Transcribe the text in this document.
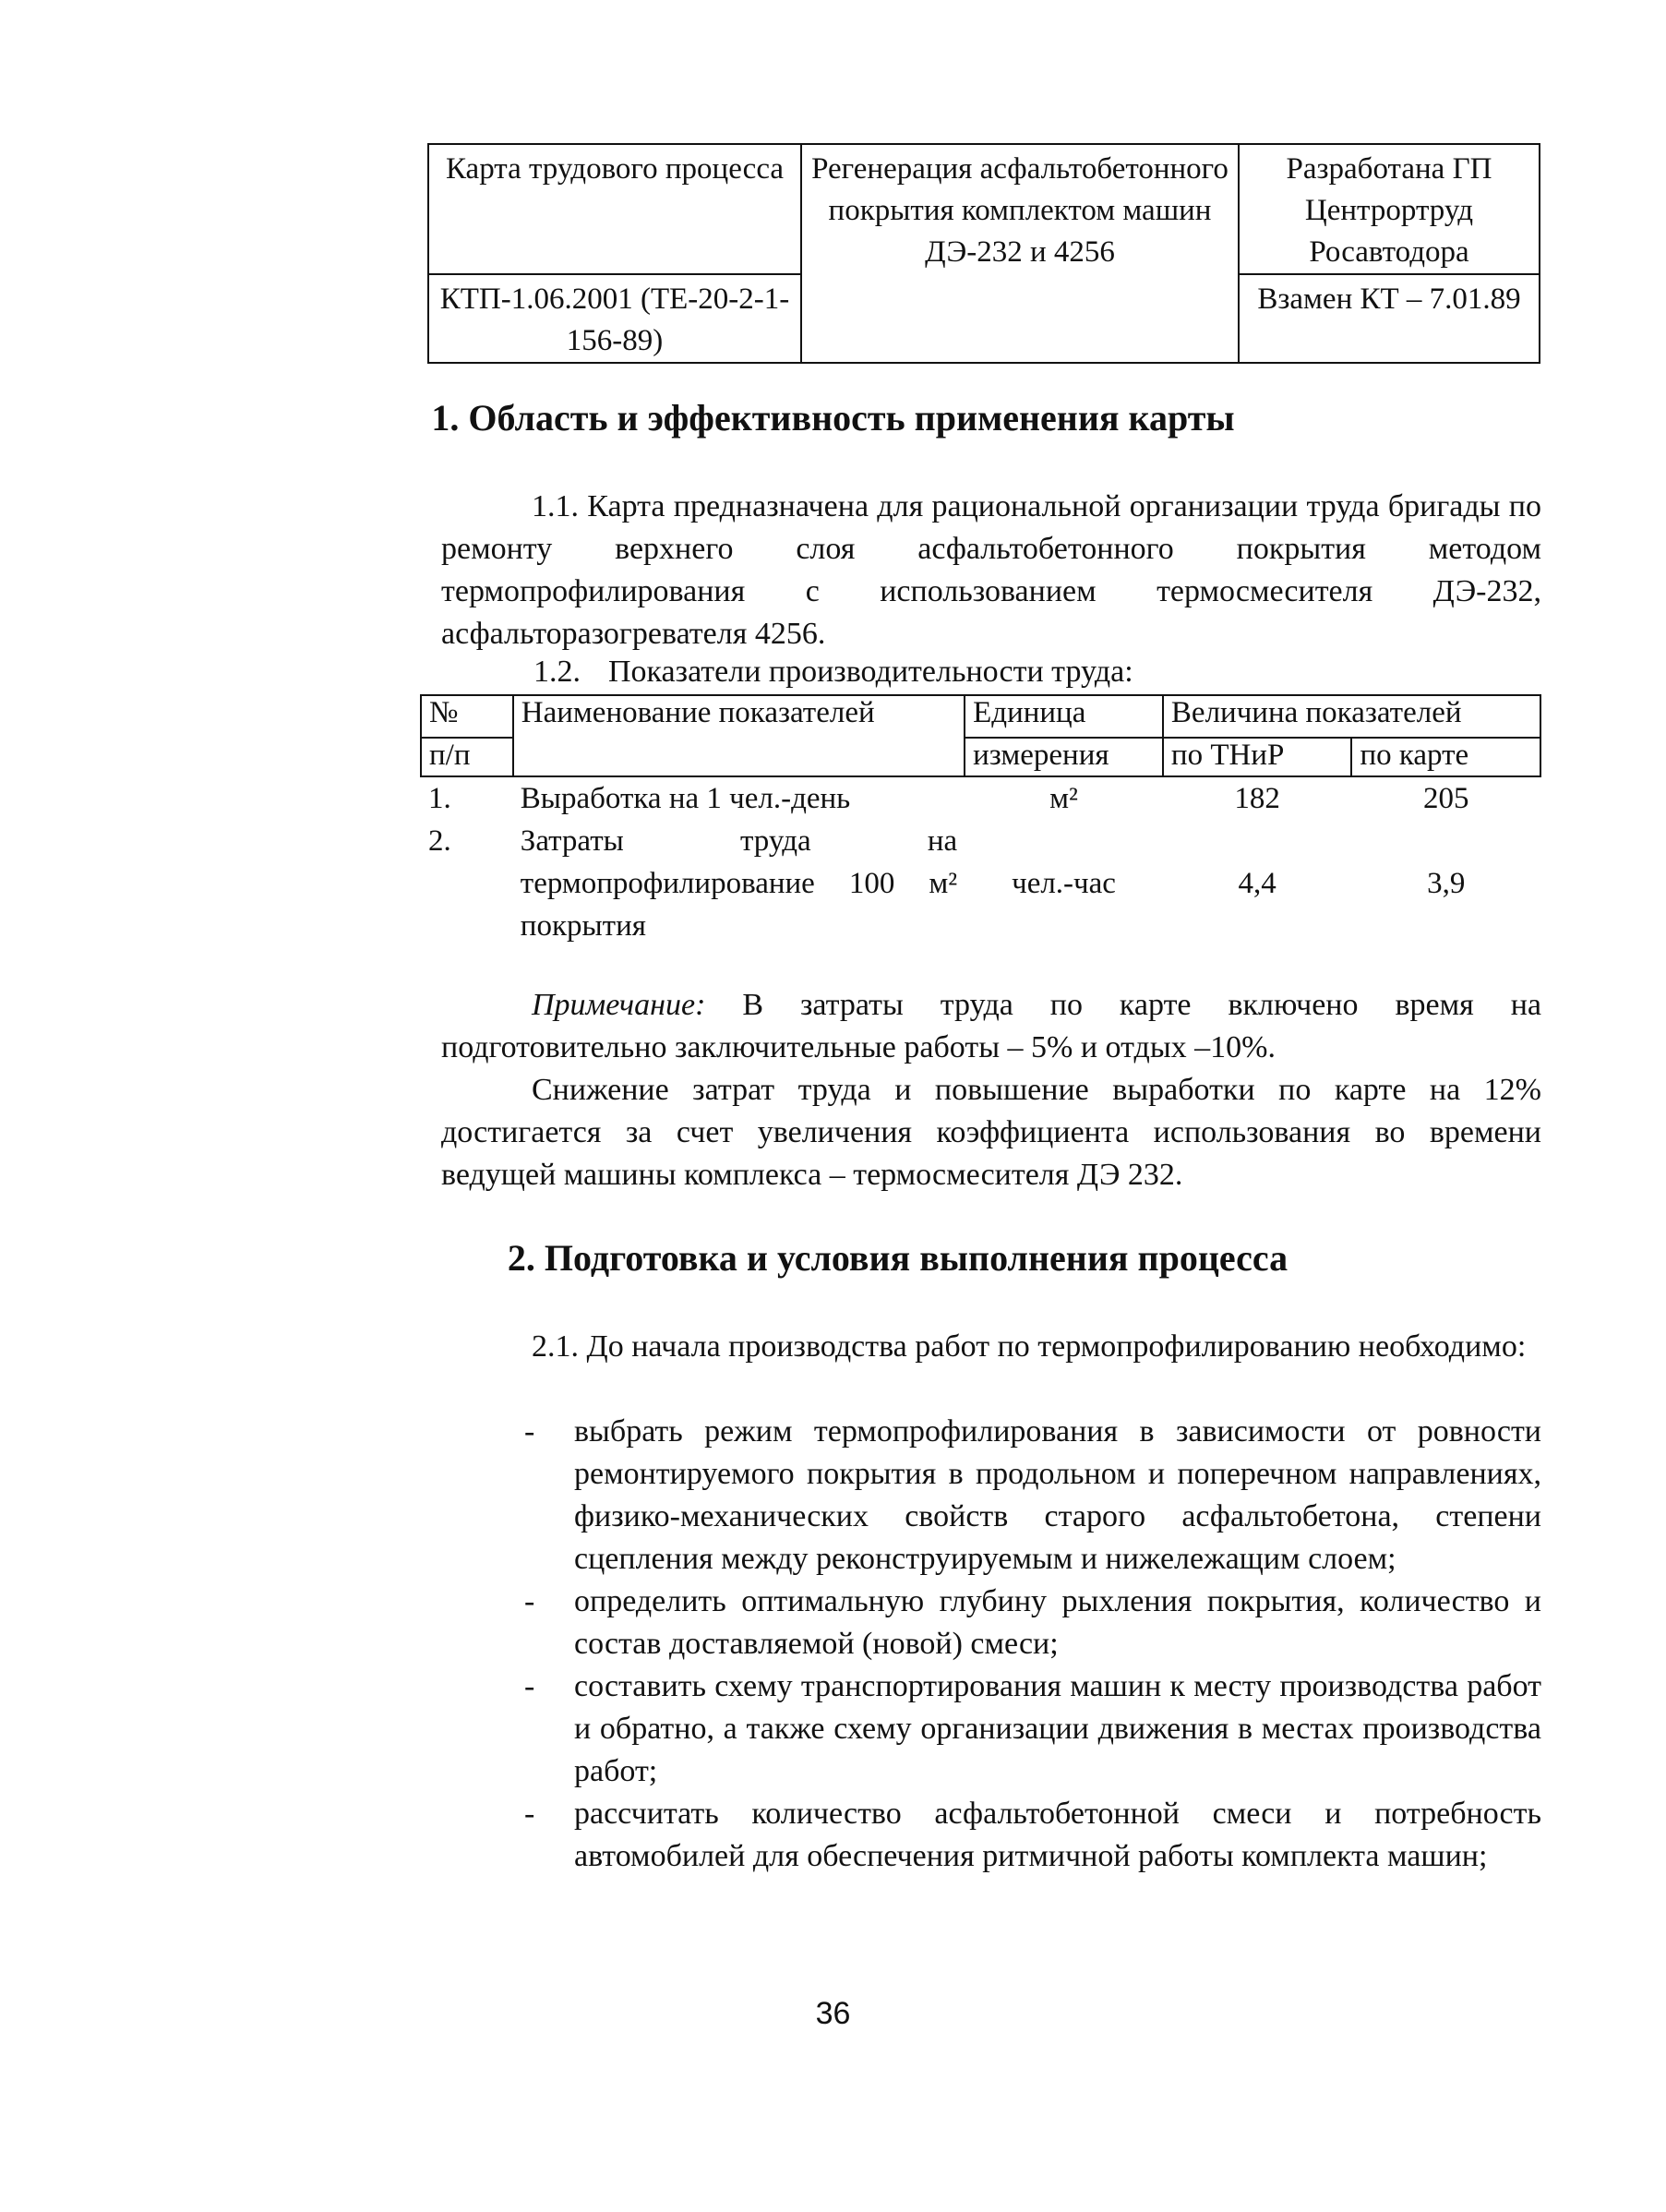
Карта трудового процесса	Регенерация асфальтобетонного покрытия комплектом машин ДЭ-232 и 4256	Разработана ГП Центрортруд Росавтодора
КТП-1.06.2001 (ТЕ-20-2-1-156-89)		Взамен КТ – 7.01.89
1. Область и эффективность применения карты
1.1. Карта предназначена для рациональной организации труда бригады по ремонту верхнего слоя асфальтобетонного покрытия методом термопрофилирования с использованием термосмесителя ДЭ-232, асфальторазогревателя 4256.
1.2. Показатели производительности труда:
№	Наименование показателей	Единица	Величина показателей	
п/п		измерения	по ТНиР	по карте
1.	Выработка на 1 чел.-день	м²	182	205
2.	Затраты труда на термопрофилирование 100 м² покрытия	чел.-час	4,4	3,9
Примечание: В затраты труда по карте включено время на подготовительно заключительные работы – 5% и отдых –10%.
Снижение затрат труда и повышение выработки по карте на 12% достигается за счет увеличения коэффициента использования во времени ведущей машины комплекса – термосмесителя ДЭ 232.
2. Подготовка и условия выполнения процесса
2.1. До начала производства работ по термопрофилированию необходимо:
- выбрать режим термопрофилирования в зависимости от ровности ремонтируемого покрытия в продольном и поперечном направлениях, физико-механических свойств старого асфальтобетона, степени сцепления между реконструируемым и нижележащим слоем;
- определить оптимальную глубину рыхления покрытия, количество и состав доставляемой (новой) смеси;
- составить схему транспортирования машин к месту производства работ и обратно, а также схему организации движения в местах производства работ;
- рассчитать количество асфальтобетонной смеси и потребность автомобилей для обеспечения ритмичной работы комплекта машин;
36
